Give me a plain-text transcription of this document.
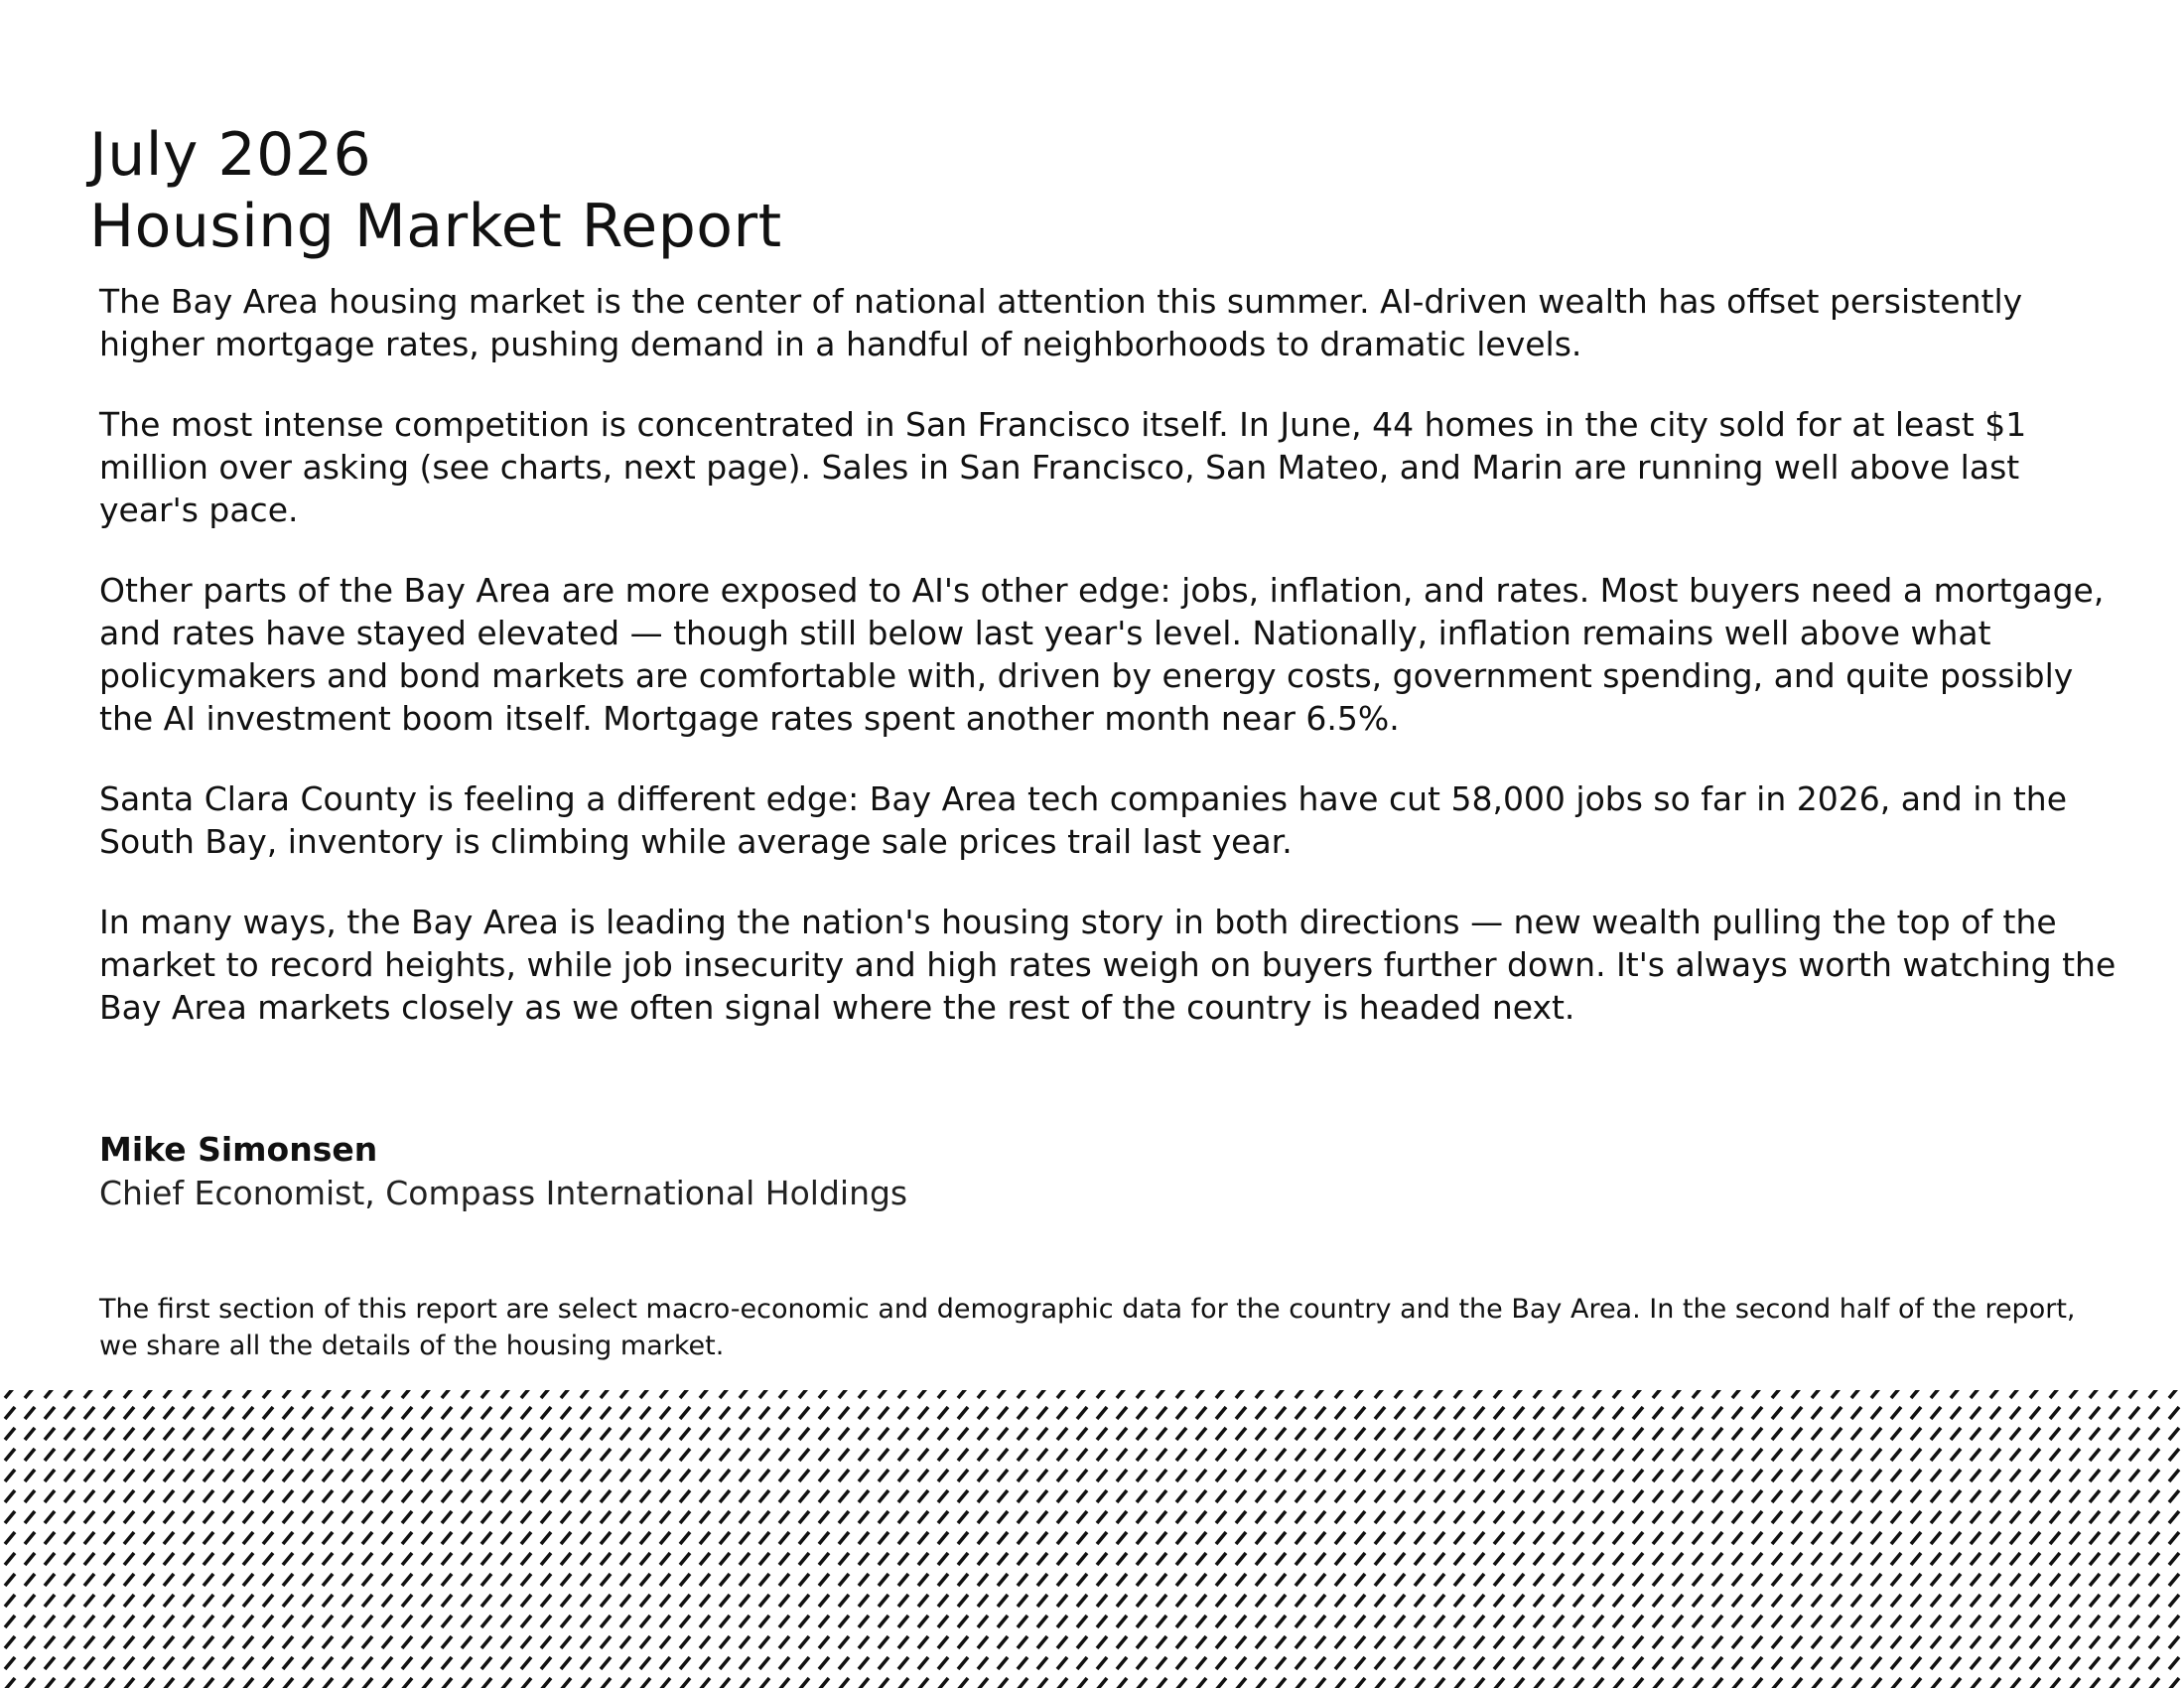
July 2026
Housing Market Report

The Bay Area housing market is the center of national attention this summer. AI-driven wealth has offset persistently higher mortgage rates, pushing demand in a handful of neighborhoods to dramatic levels.

The most intense competition is concentrated in San Francisco itself. In June, 44 homes in the city sold for at least $1 million over asking (see charts, next page). Sales in San Francisco, San Mateo, and Marin are running well above last year's pace.

Other parts of the Bay Area are more exposed to AI's other edge: jobs, inflation, and rates. Most buyers need a mortgage, and rates have stayed elevated — though still below last year's level. Nationally, inflation remains well above what policymakers and bond markets are comfortable with, driven by energy costs, government spending, and quite possibly the AI investment boom itself. Mortgage rates spent another month near 6.5%.

Santa Clara County is feeling a different edge: Bay Area tech companies have cut 58,000 jobs so far in 2026, and in the South Bay, inventory is climbing while average sale prices trail last year.

In many ways, the Bay Area is leading the nation's housing story in both directions — new wealth pulling the top of the market to record heights, while job insecurity and high rates weigh on buyers further down. It's always worth watching the Bay Area markets closely as we often signal where the rest of the country is headed next.

Mike Simonsen
Chief Economist, Compass International Holdings

The first section of this report are select macro-economic and demographic data for the country and the Bay Area. In the second half of the report, we share all the details of the housing market.
